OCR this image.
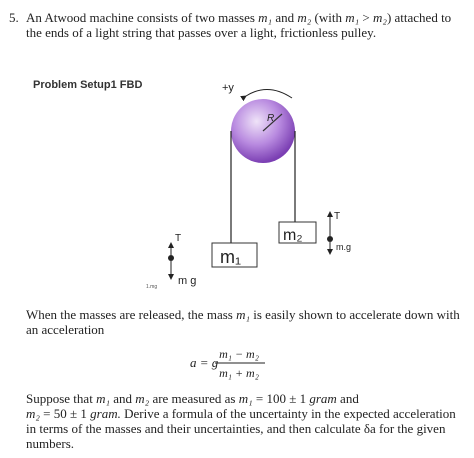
5. An Atwood machine consists of two masses m₁ and m₂ (with m₁ > m₂) attached to
the ends of a light string that passes over a light, frictionless pulley.
Problem Setup1 FBD	+y
R
m₁
m₂
T
m g
1.mg
T
m.g
a = g
m₁ − m₂
m₁ + m₂
When the masses are released, the mass m₁ is easily shown to accelerate down with
an acceleration
Suppose that m₁ and m₂ are measured as m₁ = 100 ± 1 gram and
m₂ = 50 ± 1 gram. Derive a formula of the uncertainty in the expected acceleration
in terms of the masses and their uncertainties, and then calculate δa for the given
numbers.
